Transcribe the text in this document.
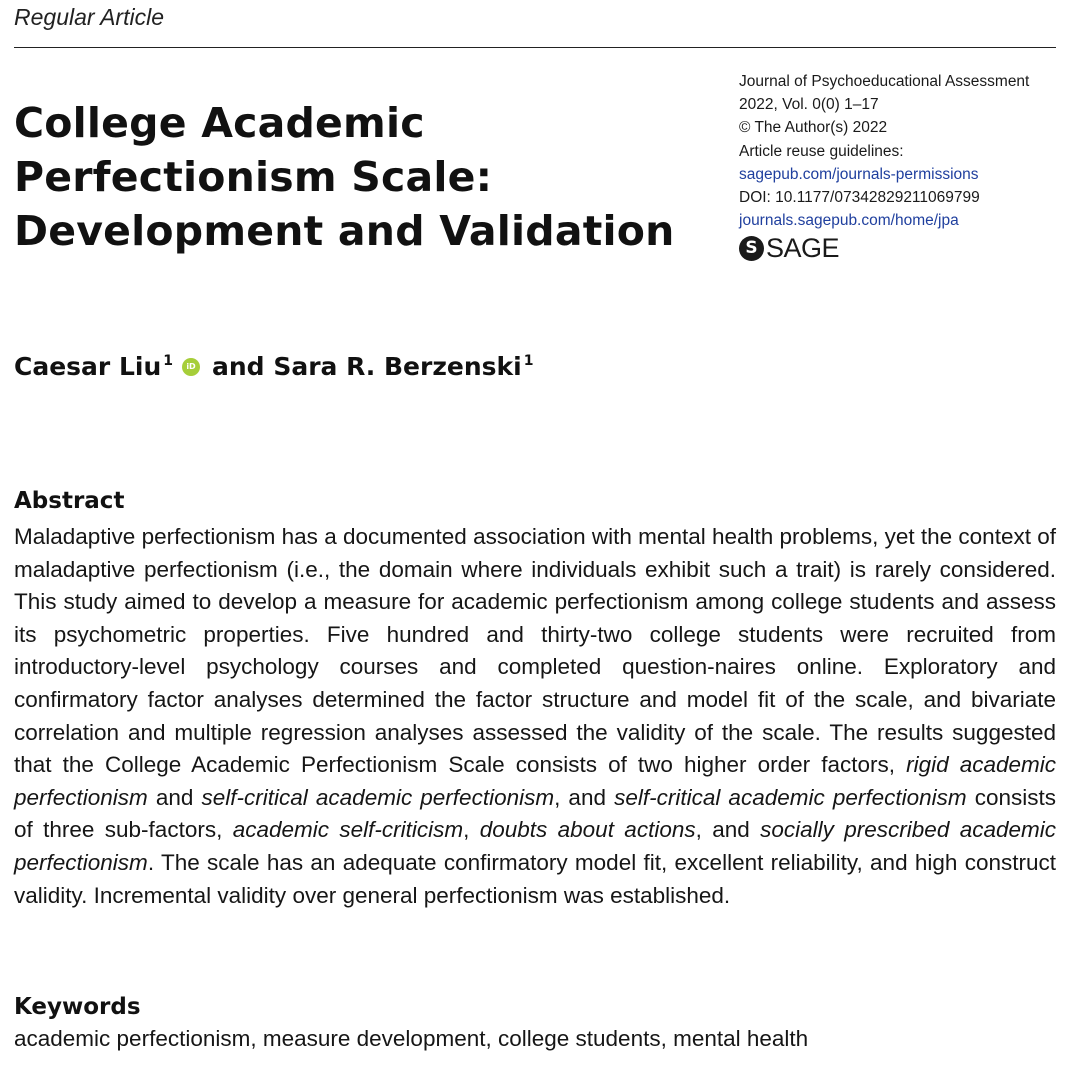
Regular Article
College Academic
Perfectionism Scale:
Development and Validation
Journal of Psychoeducational Assessment
2022, Vol. 0(0) 1–17
© The Author(s) 2022
Article reuse guidelines:
sagepub.com/journals-permissions
DOI: 10.1177/07342829211069799
journals.sagepub.com/home/jpa
S SAGE
Caesar Liu$^1$	iD and
Sara R. Berzenski$^1$
Abstract

Maladaptive perfectionism has a documented association with mental health problems, yet the context of maladaptive perfectionism (i.e., the domain where individuals exhibit such a trait) is rarely considered. This study aimed to develop a measure for academic perfectionism among college students and assess its psychometric properties. Five hundred and thirty-two college students were recruited from introductory-level psychology courses and completed question-naires online. Exploratory and confirmatory factor analyses determined the factor structure and model fit of the scale, and bivariate correlation and multiple regression analyses assessed the validity of the scale. The results suggested that the College Academic Perfectionism Scale consists of two higher order factors, rigid academic perfectionism and self-critical academic perfectionism, and self-critical academic perfectionism consists of three sub-factors, academic self-criticism, doubts about actions, and socially prescribed academic perfectionism. The scale has an adequate confirmatory model fit, excellent reliability, and high construct validity. Incremental validity over general perfectionism was established.

Keywords
academic perfectionism, measure development, college students, mental health
